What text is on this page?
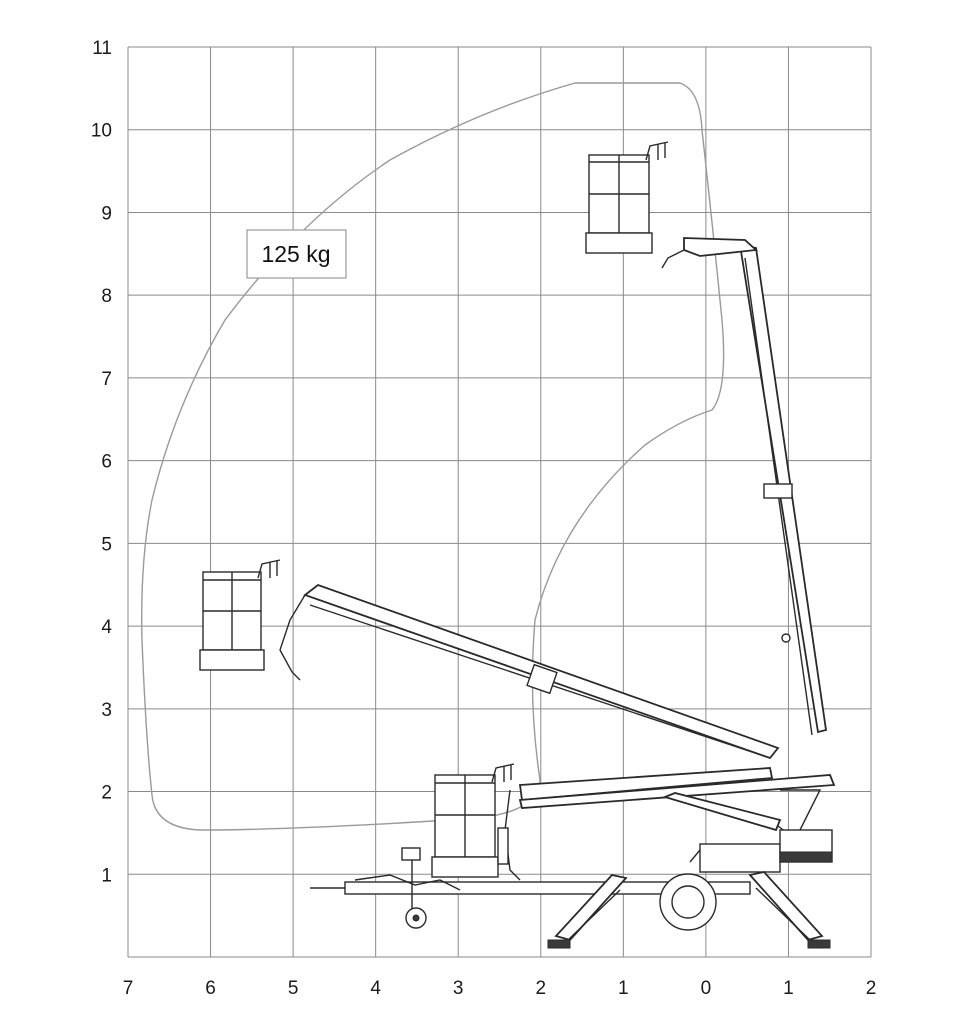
7	6	5	4	3	2	1	0	1	2
1
2
3
4
5
6
7
8
9
10
11
125 kg
